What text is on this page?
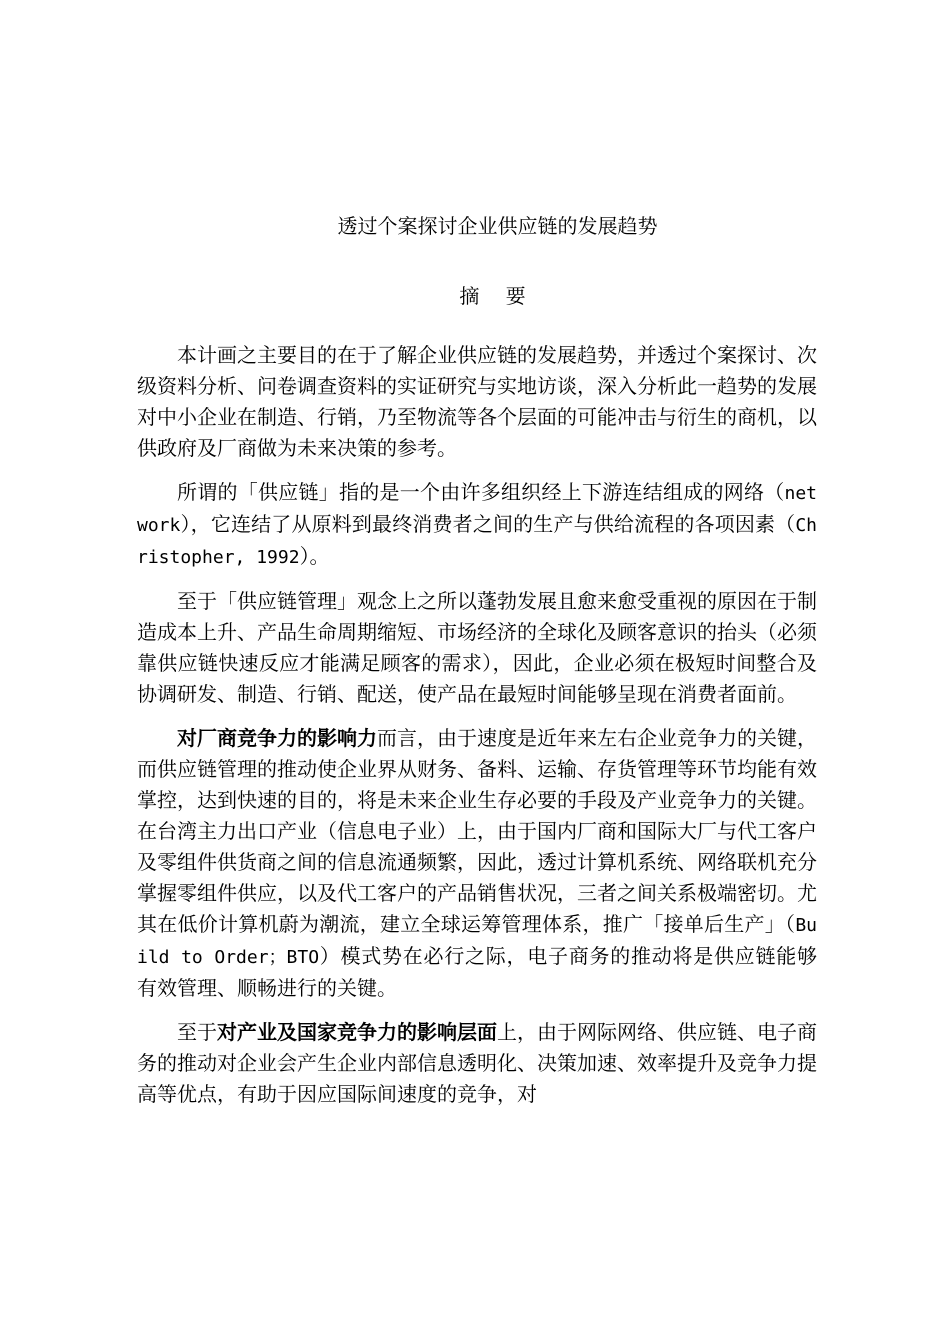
透过个案探讨企业供应链的发展趋势
摘 要

本计画之主要目的在于了解企业供应链的发展趋势，并透过个案探讨、次级资料分析、问卷调查资料的实证研究与实地访谈，深入分析此一趋势的发展对中小企业在制造、行销，乃至物流等各个层面的可能冲击与衍生的商机，以供政府及厂商做为未来决策的参考。

所谓的「供应链」指的是一个由许多组织经上下游连结组成的网络（network），它连结了从原料到最终消费者之间的生产与供给流程的各项因素（Christopher, 1992）。

至于「供应链管理」观念上之所以蓬勃发展且愈来愈受重视的原因在于制造成本上升、产品生命周期缩短、市场经济的全球化及顾客意识的抬头（必须靠供应链快速反应才能满足顾客的需求），因此，企业必须在极短时间整合及协调研发、制造、行销、配送，使产品在最短时间能够呈现在消费者面前。

对厂商竞争力的影响力而言，由于速度是近年来左右企业竞争力的关键，而供应链管理的推动使企业界从财务、备料、运输、存货管理等环节均能有效掌控，达到快速的目的，将是未来企业生存必要的手段及产业竞争力的关键。在台湾主力出口产业（信息电子业）上，由于国内厂商和国际大厂与代工客户及零组件供货商之间的信息流通频繁，因此，透过计算机系统、网络联机充分掌握零组件供应，以及代工客户的产品销售状况，三者之间关系极端密切。尤其在低价计算机蔚为潮流，建立全球运筹管理体系，推广「接单后生产」（Build to Order；BTO）模式势在必行之际，电子商务的推动将是供应链能够有效管理、顺畅进行的关键。

至于对产业及国家竞争力的影响层面上，由于网际网络、供应链、电子商务的推动对企业会产生企业内部信息透明化、决策加速、效率提升及竞争力提高等优点，有助于因应国际间速度的竞争，对
